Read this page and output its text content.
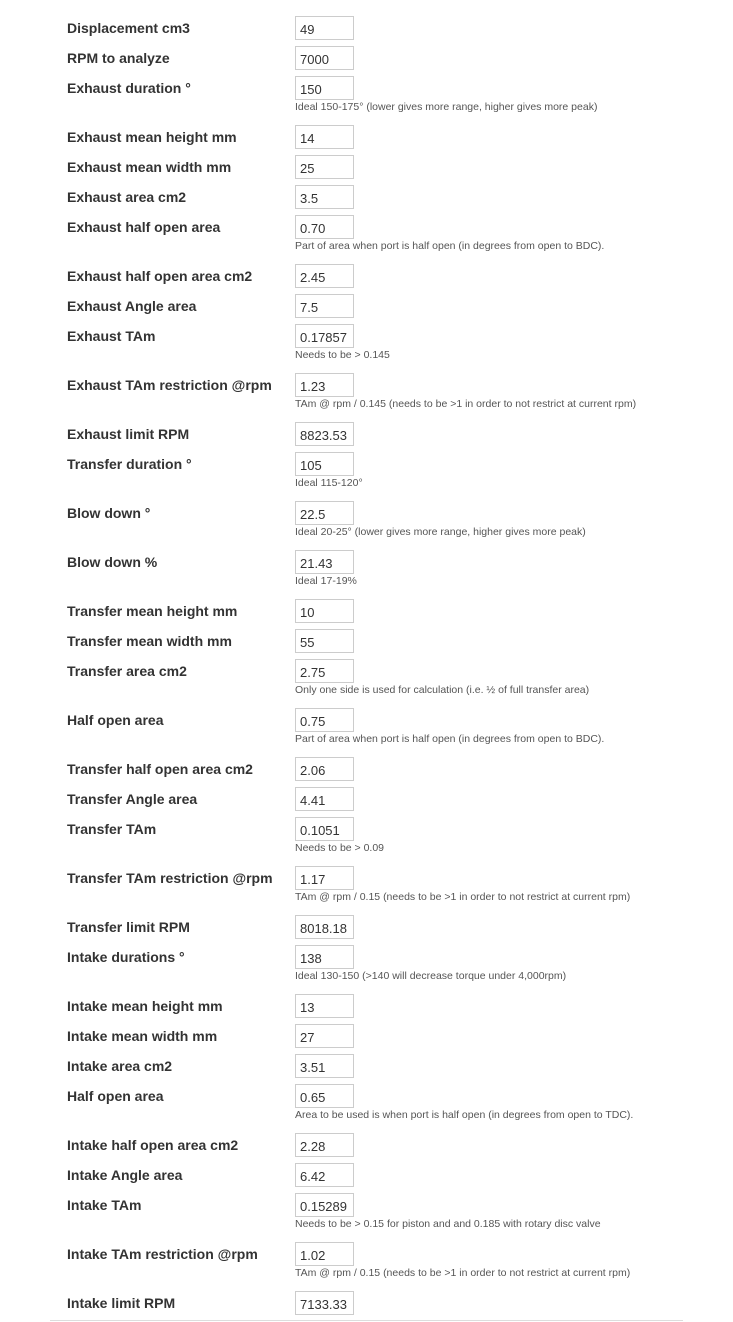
Displacement cm3
49
RPM to analyze
7000
Exhaust duration °
150
Ideal 150-175° (lower gives more range, higher gives more peak)
Exhaust mean height mm
14
Exhaust mean width mm
25
Exhaust area cm2
3.5
Exhaust half open area
0.70
Part of area when port is half open (in degrees from open to BDC).
Exhaust half open area cm2
2.45
Exhaust Angle area
7.5
Exhaust TAm
0.17857
Needs to be > 0.145
Exhaust TAm restriction @rpm
1.23
TAm @ rpm / 0.145 (needs to be >1 in order to not restrict at current rpm)
Exhaust limit RPM
8823.53
Transfer duration °
105
Ideal 115-120°
Blow down °
22.5
Ideal 20-25° (lower gives more range, higher gives more peak)
Blow down %
21.43
Ideal 17-19%
Transfer mean height mm
10
Transfer mean width mm
55
Transfer area cm2
2.75
Only one side is used for calculation (i.e. ½ of full transfer area)
Half open area
0.75
Part of area when port is half open (in degrees from open to BDC).
Transfer half open area cm2
2.06
Transfer Angle area
4.41
Transfer TAm
0.1051
Needs to be > 0.09
Transfer TAm restriction @rpm
1.17
TAm @ rpm / 0.15 (needs to be >1 in order to not restrict at current rpm)
Transfer limit RPM
8018.18
Intake durations °
138
Ideal 130-150 (>140 will decrease torque under 4,000rpm)
Intake mean height mm
13
Intake mean width mm
27
Intake area cm2
3.51
Half open area
0.65
Area to be used is when port is half open (in degrees from open to TDC).
Intake half open area cm2
2.28
Intake Angle area
6.42
Intake TAm
0.15289
Needs to be > 0.15 for piston and and 0.185 with rotary disc valve
Intake TAm restriction @rpm
1.02
TAm @ rpm / 0.15 (needs to be >1 in order to not restrict at current rpm)
Intake limit RPM
7133.33
